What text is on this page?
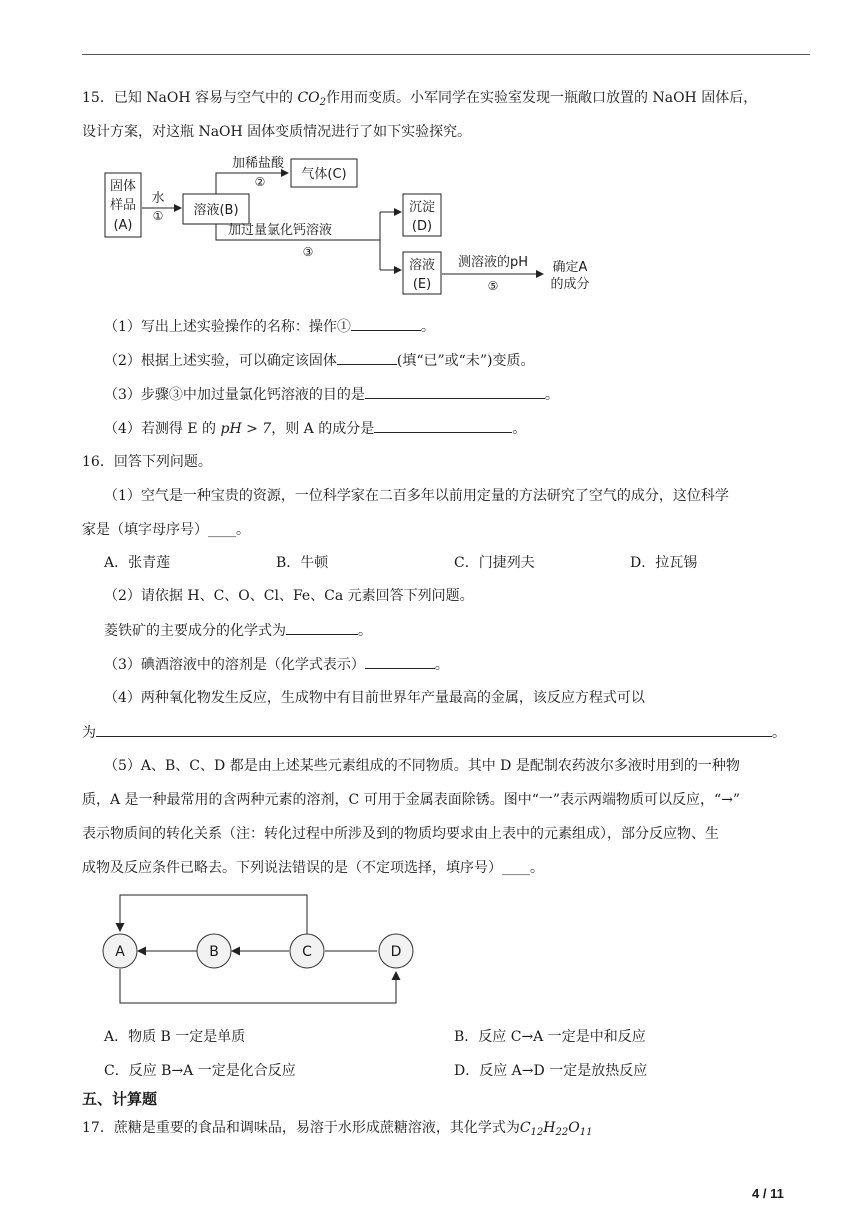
15．已知 NaOH 容易与空气中的 $CO_2$作用而变质。小军同学在实验室发现一瓶敞口放置的 NaOH 固体后，
设计方案，对这瓶 NaOH 固体变质情况进行了如下实验探究。
固体
样品
(A)
水
① 溶液(B)
加稀盐酸
②	气体(C)
加过量氯化钙溶液
③
沉淀
(D)
溶液
(E)
测溶液的pH
⑤
确定A
的成分
（1）写出上述实验操作的名称：操作①	。
（2）根据上述实验，可以确定该固体	(填“已”或“未”)变质。
（3）步骤③中加过量氯化钙溶液的目的是	。
（4）若测得 E 的 pH > 7，则 A 的成分是	。
16．回答下列问题。
（1）空气是一种宝贵的资源，一位科学家在二百多年以前用定量的方法研究了空气的成分，这位科学
家是（填字母序号）____。
A．张青莲	B．牛顿	C．门捷列夫	D．拉瓦锡
（2）请依据 H、C、O、Cl、Fe、Ca 元素回答下列问题。
菱铁矿的主要成分的化学式为	。
（3）碘酒溶液中的溶剂是（化学式表示）	。
（4）两种氧化物发生反应，生成物中有目前世界年产量最高的金属，该反应方程式可以
为	。
（5）A、B、C、D 都是由上述某些元素组成的不同物质。其中 D 是配制农药波尔多液时用到的一种物
质，A 是一种最常用的含两种元素的溶剂，C 可用于金属表面除锈。图中“一”表示两端物质可以反应，“→”
表示物质间的转化关系（注：转化过程中所涉及到的物质均要求由上表中的元素组成），部分反应物、生
成物及反应条件已略去。下列说法错误的是（不定项选择，填序号）____。
A	B	C	D
A．物质 B 一定是单质	B．反应 C→A 一定是中和反应
C．反应 B→A 一定是化合反应	D．反应 A→D 一定是放热反应
五、计算题
17．蔗糖是重要的食品和调味品，易溶于水形成蔗糖溶液，其化学式为$C_{12}H_{22}O_{11}$
4 / 11
